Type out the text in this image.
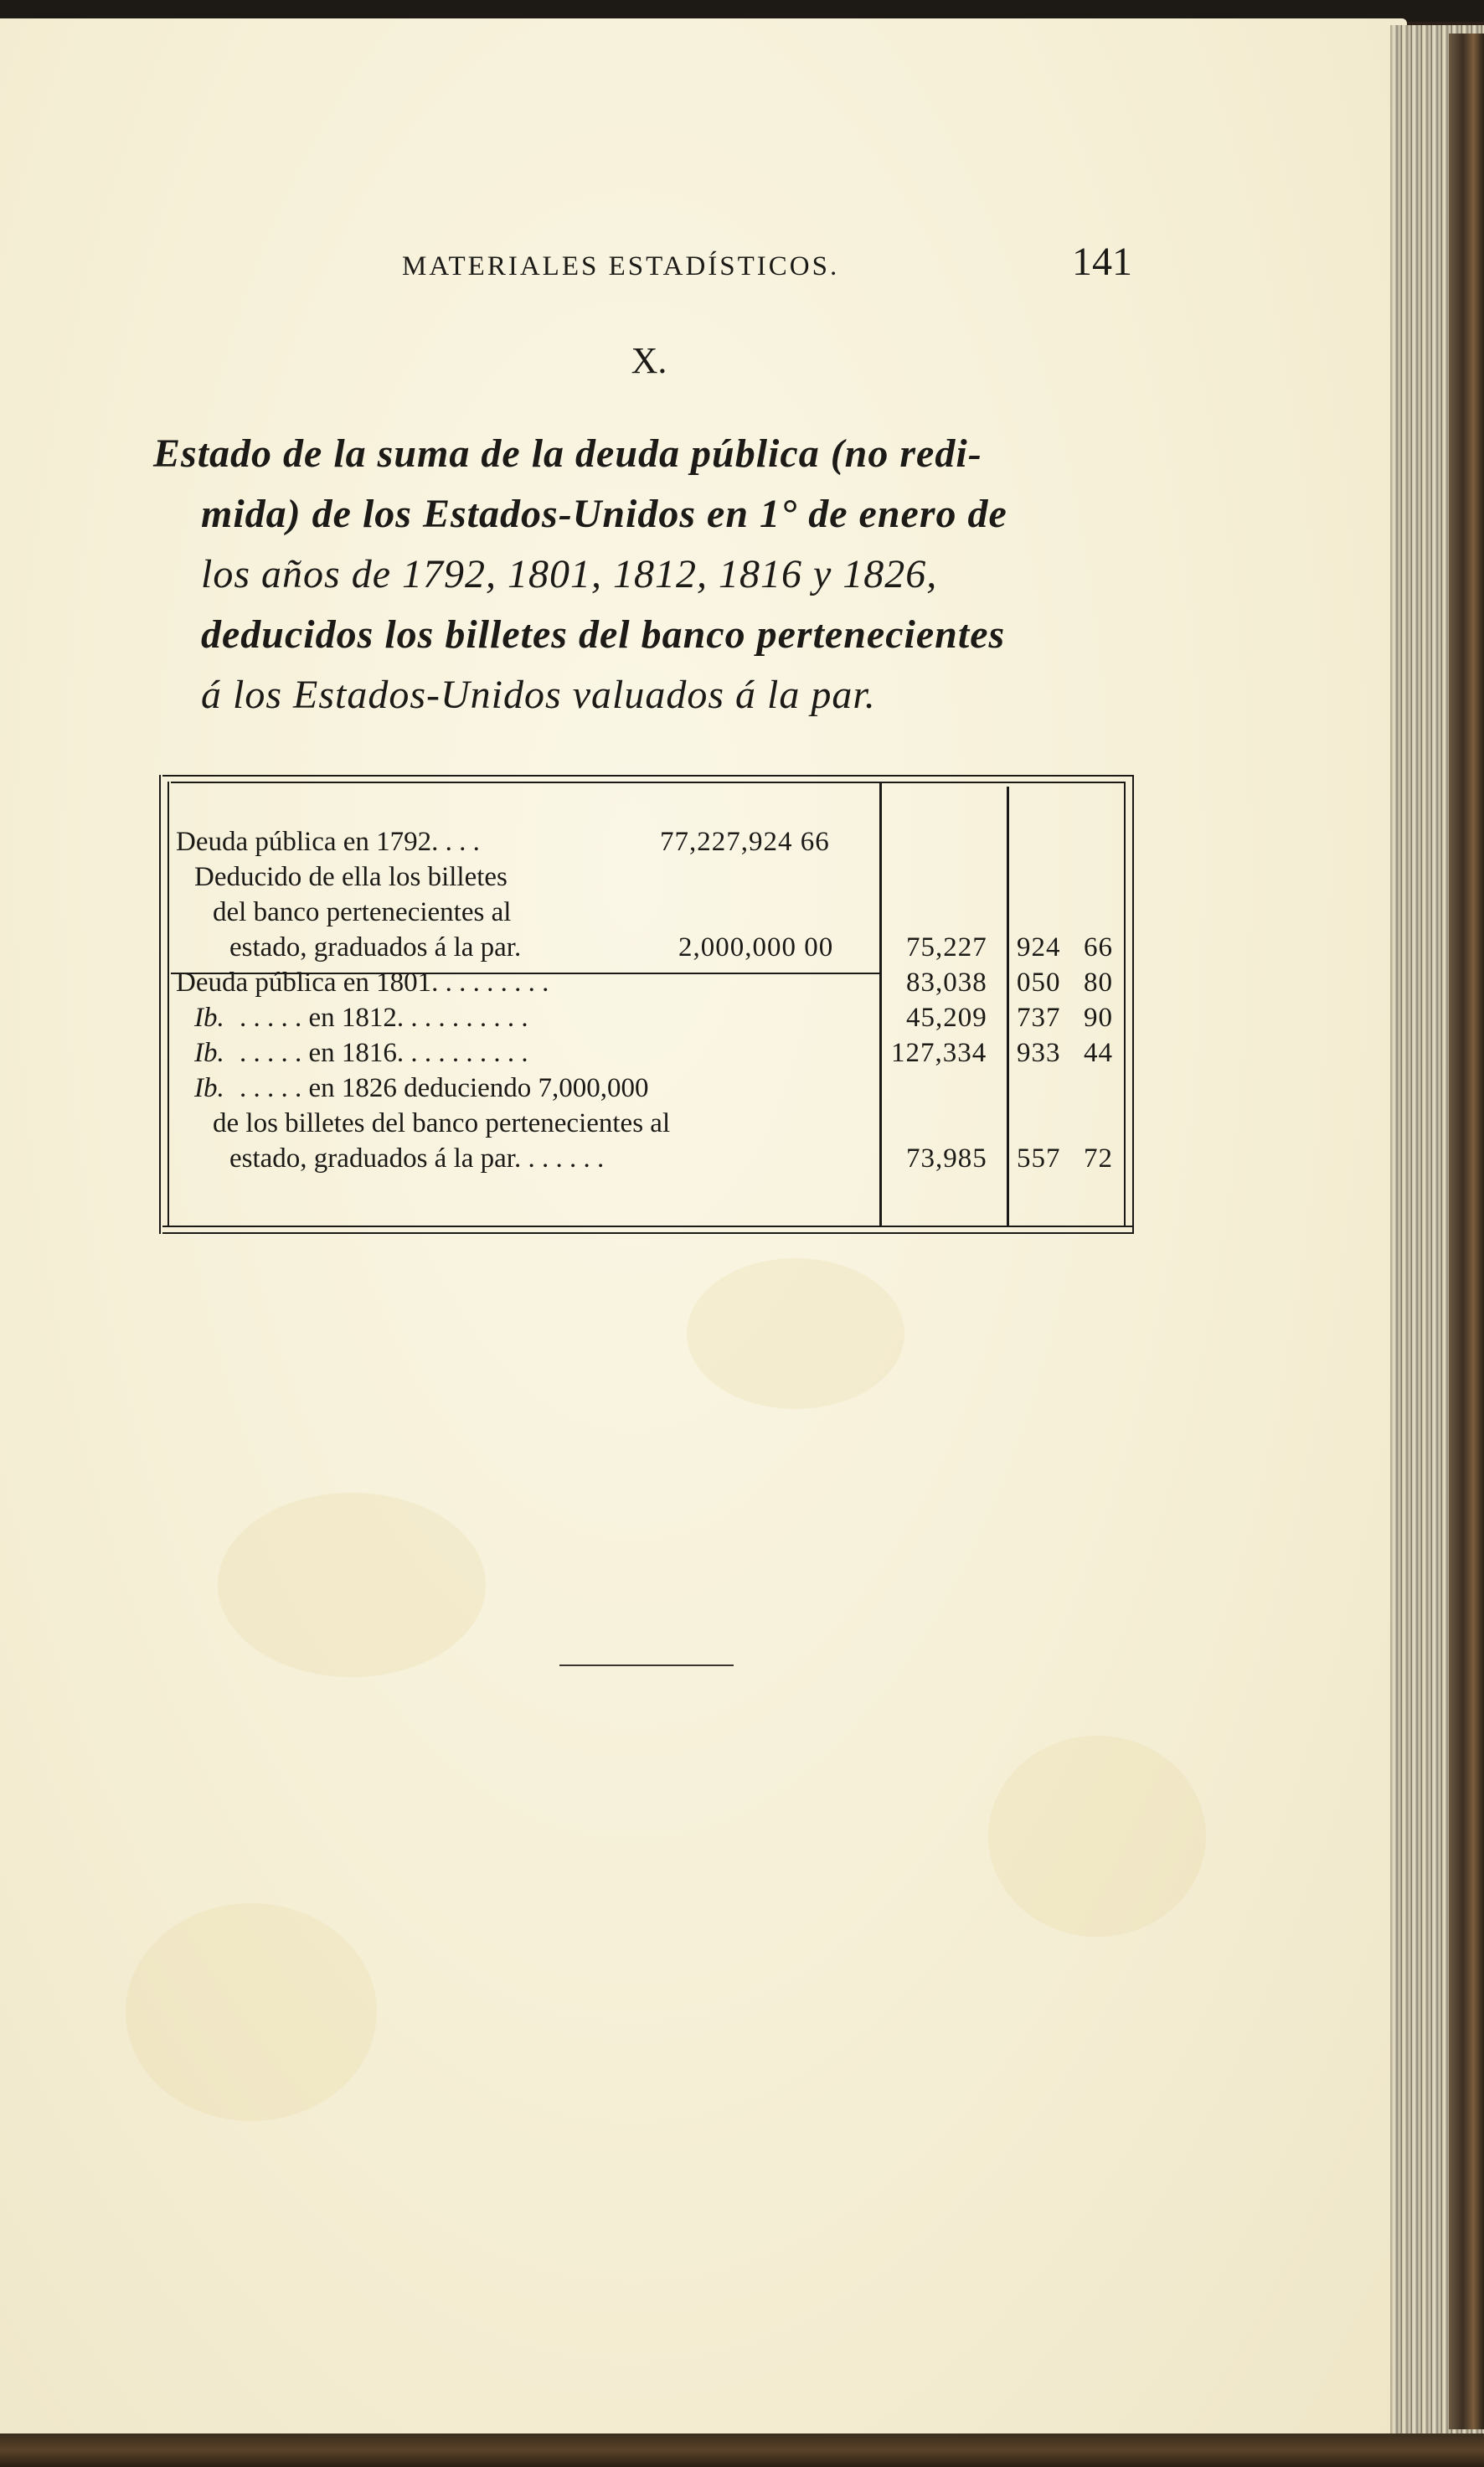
MATERIALES ESTADÍSTICOS.	141
X.
Estado de la suma de la deuda pública (no redi-
mida) de los Estados-Unidos en 1° de enero de
los años de 1792, 1801, 1812, 1816 y 1826,
deducidos los billetes del banco pertenecientes
á los Estados-Unidos valuados á la par.
Deuda pública en 1792. . . .	77,227,924 66
Deducido de ella los billetes
del banco pertenecientes al
estado, graduados á la par.	2,000,000 00	75,227 924 66
Deuda pública en 1801. . . . . . . . .	83,038 050 80
Ib. . . . . . en 1812. . . . . . . . . .	45,209 737 90
Ib. . . . . . en 1816. . . . . . . . . .	127,334 933 44
Ib. . . . . . en 1826 deduciendo 7,000,000
de los billetes del banco pertenecientes al
estado, graduados á la par. . . . . . .	73,985 557 72
